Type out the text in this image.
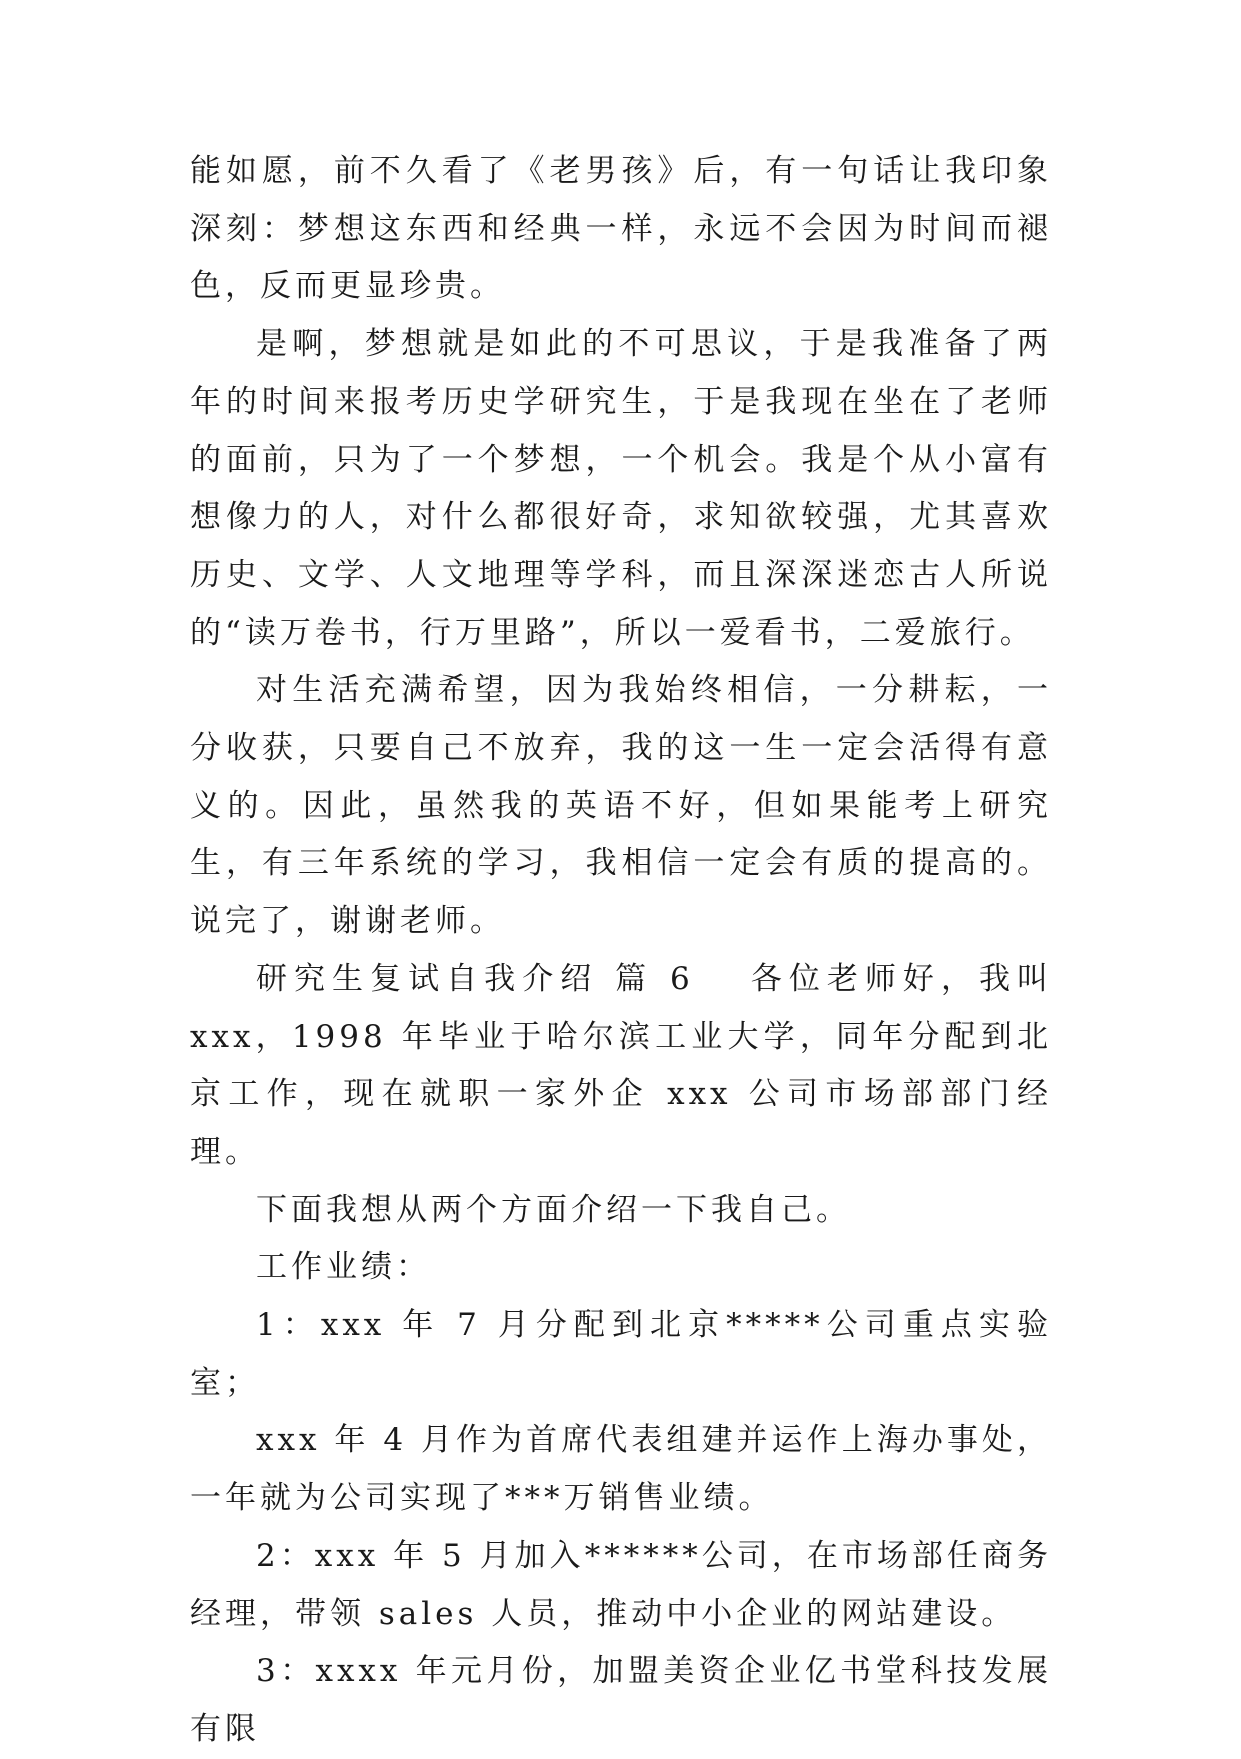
能如愿，前不久看了《老男孩》后，有一句话让我印象深刻：梦想这东西和经典一样，永远不会因为时间而褪色，反而更显珍贵。

是啊，梦想就是如此的不可思议，于是我准备了两年的时间来报考历史学研究生，于是我现在坐在了老师的面前，只为了一个梦想，一个机会。我是个从小富有想像力的人，对什么都很好奇，求知欲较强，尤其喜欢历史、文学、人文地理等学科，而且深深迷恋古人所说的“读万卷书，行万里路”，所以一爱看书，二爱旅行。

对生活充满希望，因为我始终相信，一分耕耘，一分收获，只要自己不放弃，我的这一生一定会活得有意义的。因此，虽然我的英语不好，但如果能考上研究生，有三年系统的学习，我相信一定会有质的提高的。说完了，谢谢老师。

研究生复试自我介绍 篇 6 各位老师好，我叫 xxx，1998 年毕业于哈尔滨工业大学，同年分配到北京工作，现在就职一家外企 xxx 公司市场部部门经理。

下面我想从两个方面介绍一下我自己。

工作业绩：

1：xxx 年 7 月分配到北京*****公司重点实验室；

xxx 年 4 月作为首席代表组建并运作上海办事处，一年就为公司实现了***万销售业绩。

2：xxx 年 5 月加入******公司，在市场部任商务经理，带领 sales 人员，推动中小企业的网站建设。

3：xxxx 年元月份，加盟美资企业亿书堂科技发展有限
